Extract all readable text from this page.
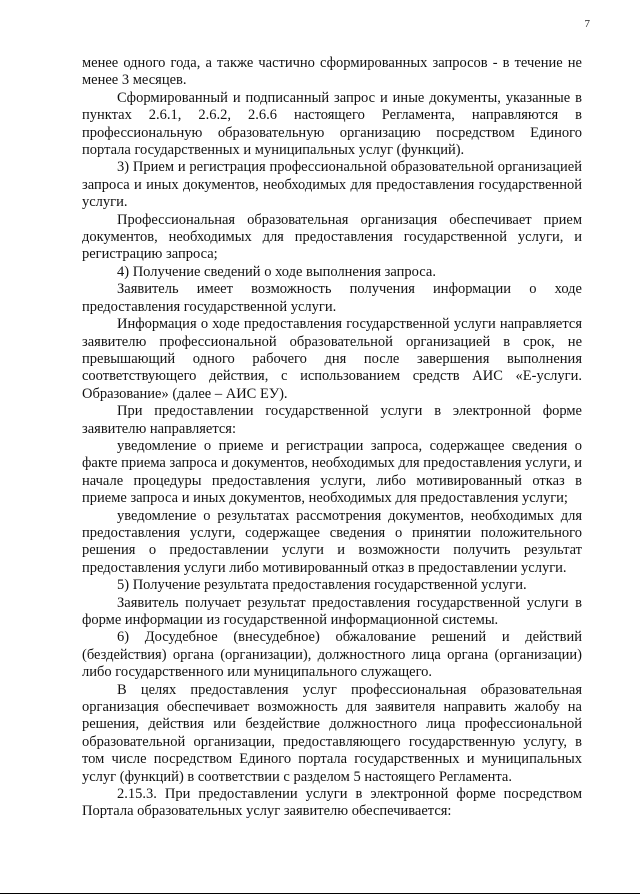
7

менее одного года, а также частично сформированных запросов - в течение не менее 3 месяцев.

Сформированный и подписанный запрос и иные документы, указанные в пунктах 2.6.1, 2.6.2, 2.6.6 настоящего Регламента, направляются в профессиональную образовательную организацию посредством Единого портала государственных и муниципальных услуг (функций).

3) Прием и регистрация профессиональной образовательной организацией запроса и иных документов, необходимых для предоставления государственной услуги.

Профессиональная образовательная организация обеспечивает прием документов, необходимых для предоставления государственной услуги, и регистрацию запроса;

4) Получение сведений о ходе выполнения запроса.

Заявитель имеет возможность получения информации о ходе предоставления государственной услуги.

Информация о ходе предоставления государственной услуги направляется заявителю профессиональной образовательной организацией в срок, не превышающий одного рабочего дня после завершения выполнения соответствующего действия, с использованием средств АИС «Е-услуги. Образование» (далее – АИС ЕУ).

При предоставлении государственной услуги в электронной форме заявителю направляется:

уведомление о приеме и регистрации запроса, содержащее сведения о факте приема запроса и документов, необходимых для предоставления услуги, и начале процедуры предоставления услуги, либо мотивированный отказ в приеме запроса и иных документов, необходимых для предоставления услуги;

уведомление о результатах рассмотрения документов, необходимых для предоставления услуги, содержащее сведения о принятии положительного решения о предоставлении услуги и возможности получить результат предоставления услуги либо мотивированный отказ в предоставлении услуги.

5) Получение результата предоставления государственной услуги.

Заявитель получает результат предоставления государственной услуги в форме информации из государственной информационной системы.

6) Досудебное (внесудебное) обжалование решений и действий (бездействия) органа (организации), должностного лица органа (организации) либо государственного или муниципального служащего.

В целях предоставления услуг профессиональная образовательная организация обеспечивает возможность для заявителя направить жалобу на решения, действия или бездействие должностного лица профессиональной образовательной организации, предоставляющего государственную услугу, в том числе посредством Единого портала государственных и муниципальных услуг (функций) в соответствии с разделом 5 настоящего Регламента.

2.15.3. При предоставлении услуги в электронной форме посредством Портала образовательных услуг заявителю обеспечивается:
